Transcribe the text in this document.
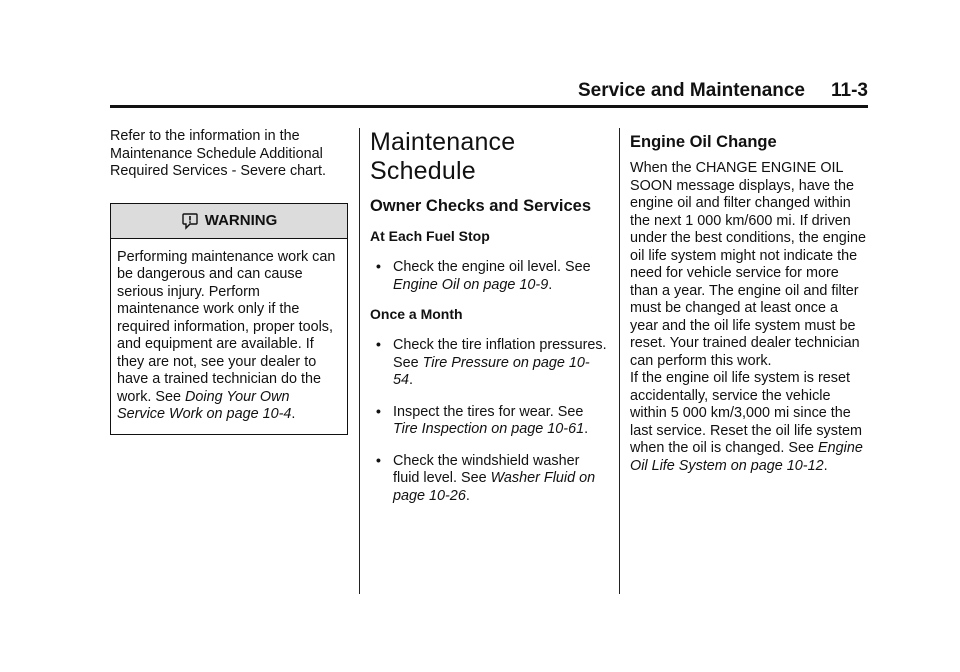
Service and Maintenance 11-3

Refer to the information in the Maintenance Schedule Additional Required Services - Severe chart.

WARNING
Performing maintenance work can be dangerous and can cause serious injury. Perform maintenance work only if the required information, proper tools, and equipment are available. If they are not, see your dealer to have a trained technician do the work. See Doing Your Own Service Work on page 10-4.
Maintenance Schedule
Owner Checks and Services
At Each Fuel Stop
• Check the engine oil level. See Engine Oil on page 10-9.
Once a Month
• Check the tire inflation pressures. See Tire Pressure on page 10-54.
• Inspect the tires for wear. See Tire Inspection on page 10-61.
• Check the windshield washer fluid level. See Washer Fluid on page 10-26.
Engine Oil Change

When the CHANGE ENGINE OIL SOON message displays, have the engine oil and filter changed within the next 1 000 km/600 mi. If driven under the best conditions, the engine oil life system might not indicate the need for vehicle service for more than a year. The engine oil and filter must be changed at least once a year and the oil life system must be reset. Your trained dealer technician can perform this work.

If the engine oil life system is reset accidentally, service the vehicle within 5 000 km/3,000 mi since the last service. Reset the oil life system when the oil is changed. See Engine Oil Life System on page 10-12.
